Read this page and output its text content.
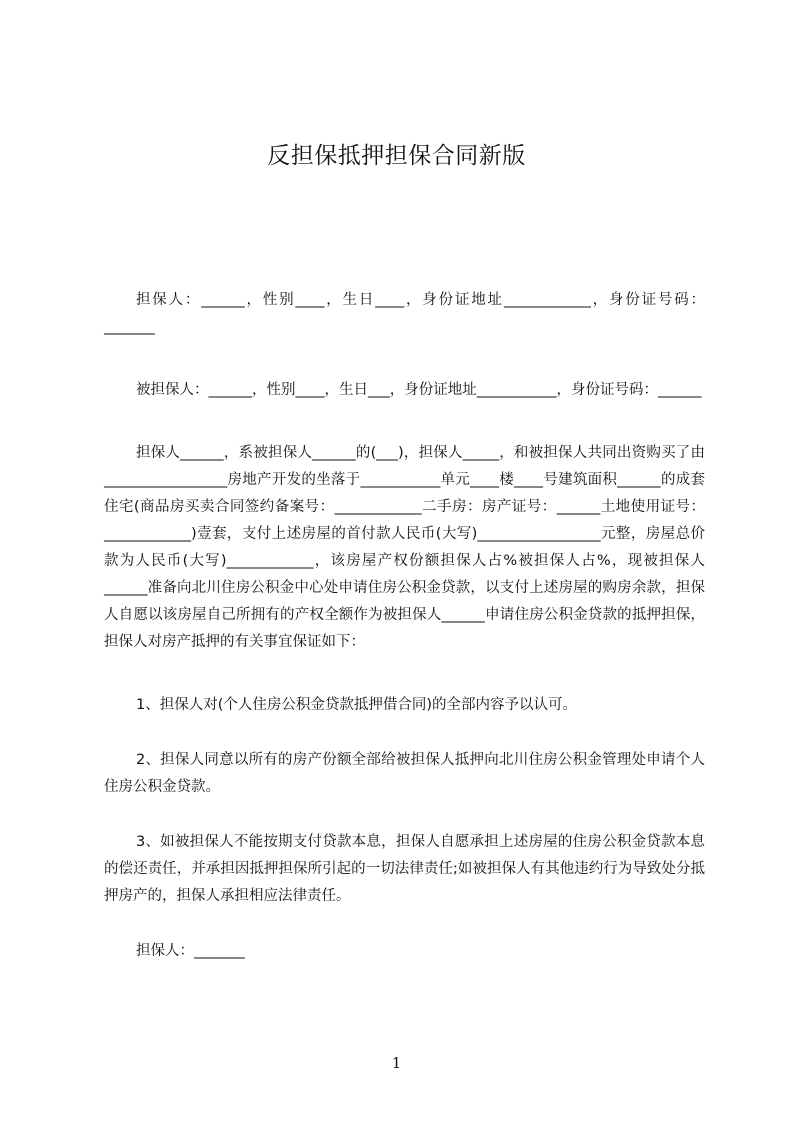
反担保抵押担保合同新版

担保人：______，性别____，生日____，身份证地址____________，身份证号码：_______

被担保人：______，性别____，生日___，身份证地址___________，身份证号码：______

担保人______，系被担保人______的(___)，担保人_____，和被担保人共同出资购买了由_________________房地产开发的坐落于___________单元____楼____号建筑面积______的成套住宅(商品房买卖合同签约备案号：____________二手房：房产证号：______土地使用证号：____________)壹套，支付上述房屋的首付款人民币(大写)_________________元整，房屋总价款为人民币(大写)____________，该房屋产权份额担保人占%被担保人占%，现被担保人______准备向北川住房公积金中心处申请住房公积金贷款，以支付上述房屋的购房余款，担保人自愿以该房屋自己所拥有的产权全额作为被担保人______申请住房公积金贷款的抵押担保，担保人对房产抵押的有关事宜保证如下：

1、担保人对(个人住房公积金贷款抵押借合同)的全部内容予以认可。

2、担保人同意以所有的房产份额全部给被担保人抵押向北川住房公积金管理处申请个人住房公积金贷款。

3、如被担保人不能按期支付贷款本息，担保人自愿承担上述房屋的住房公积金贷款本息的偿还责任，并承担因抵押担保所引起的一切法律责任;如被担保人有其他违约行为导致处分抵押房产的，担保人承担相应法律责任。

担保人：_______

1
